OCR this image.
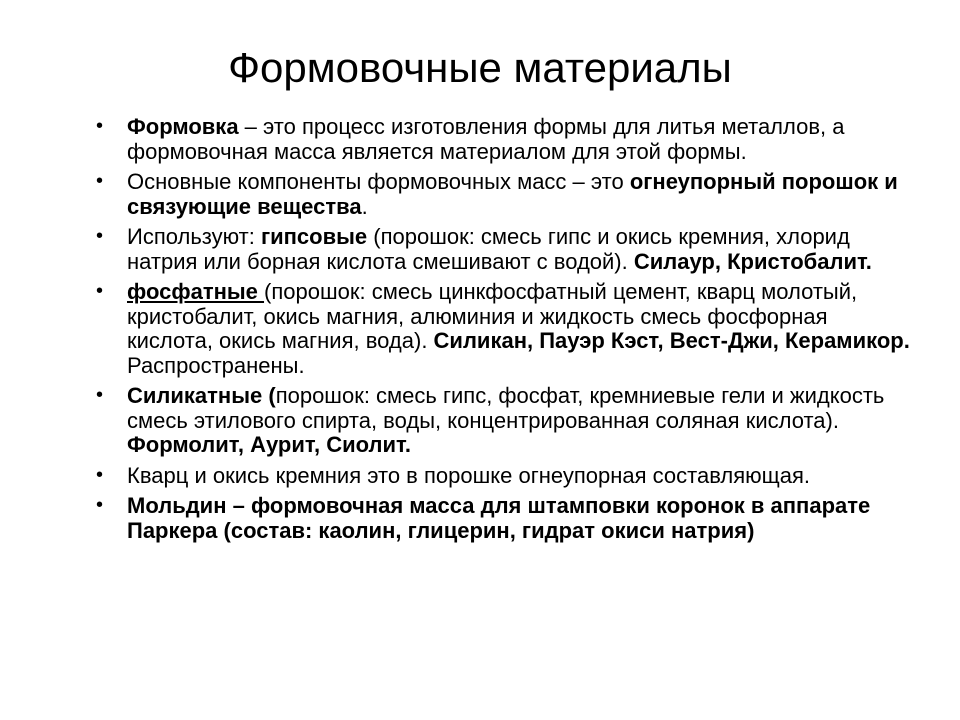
Формовочные материалы
• Формовка – это процесс изготовления формы для литья металлов, а формовочная масса является материалом для этой формы.
• Основные компоненты формовочных масс – это огнеупорный порошок и связующие вещества.
• Используют: гипсовые (порошок: смесь гипс и окись кремния, хлорид натрия или борная кислота смешивают с водой). Силаур, Кристобалит.
• фосфатные (порошок: смесь цинкфосфатный цемент, кварц молотый, кристобалит, окись магния, алюминия и жидкость смесь фосфорная кислота, окись магния, вода). Силикан, Пауэр Кэст, Вест-Джи, Керамикор. Распространены.
• Силикатные (порошок: смесь гипс, фосфат, кремниевые гели и жидкость смесь этилового спирта, воды, концентрированная соляная кислота). Формолит, Аурит, Сиолит.
• Кварц и окись кремния это в порошке огнеупорная составляющая.
• Мольдин – формовочная масса для штамповки коронок в аппарате Паркера (состав: каолин, глицерин, гидрат окиси натрия)
